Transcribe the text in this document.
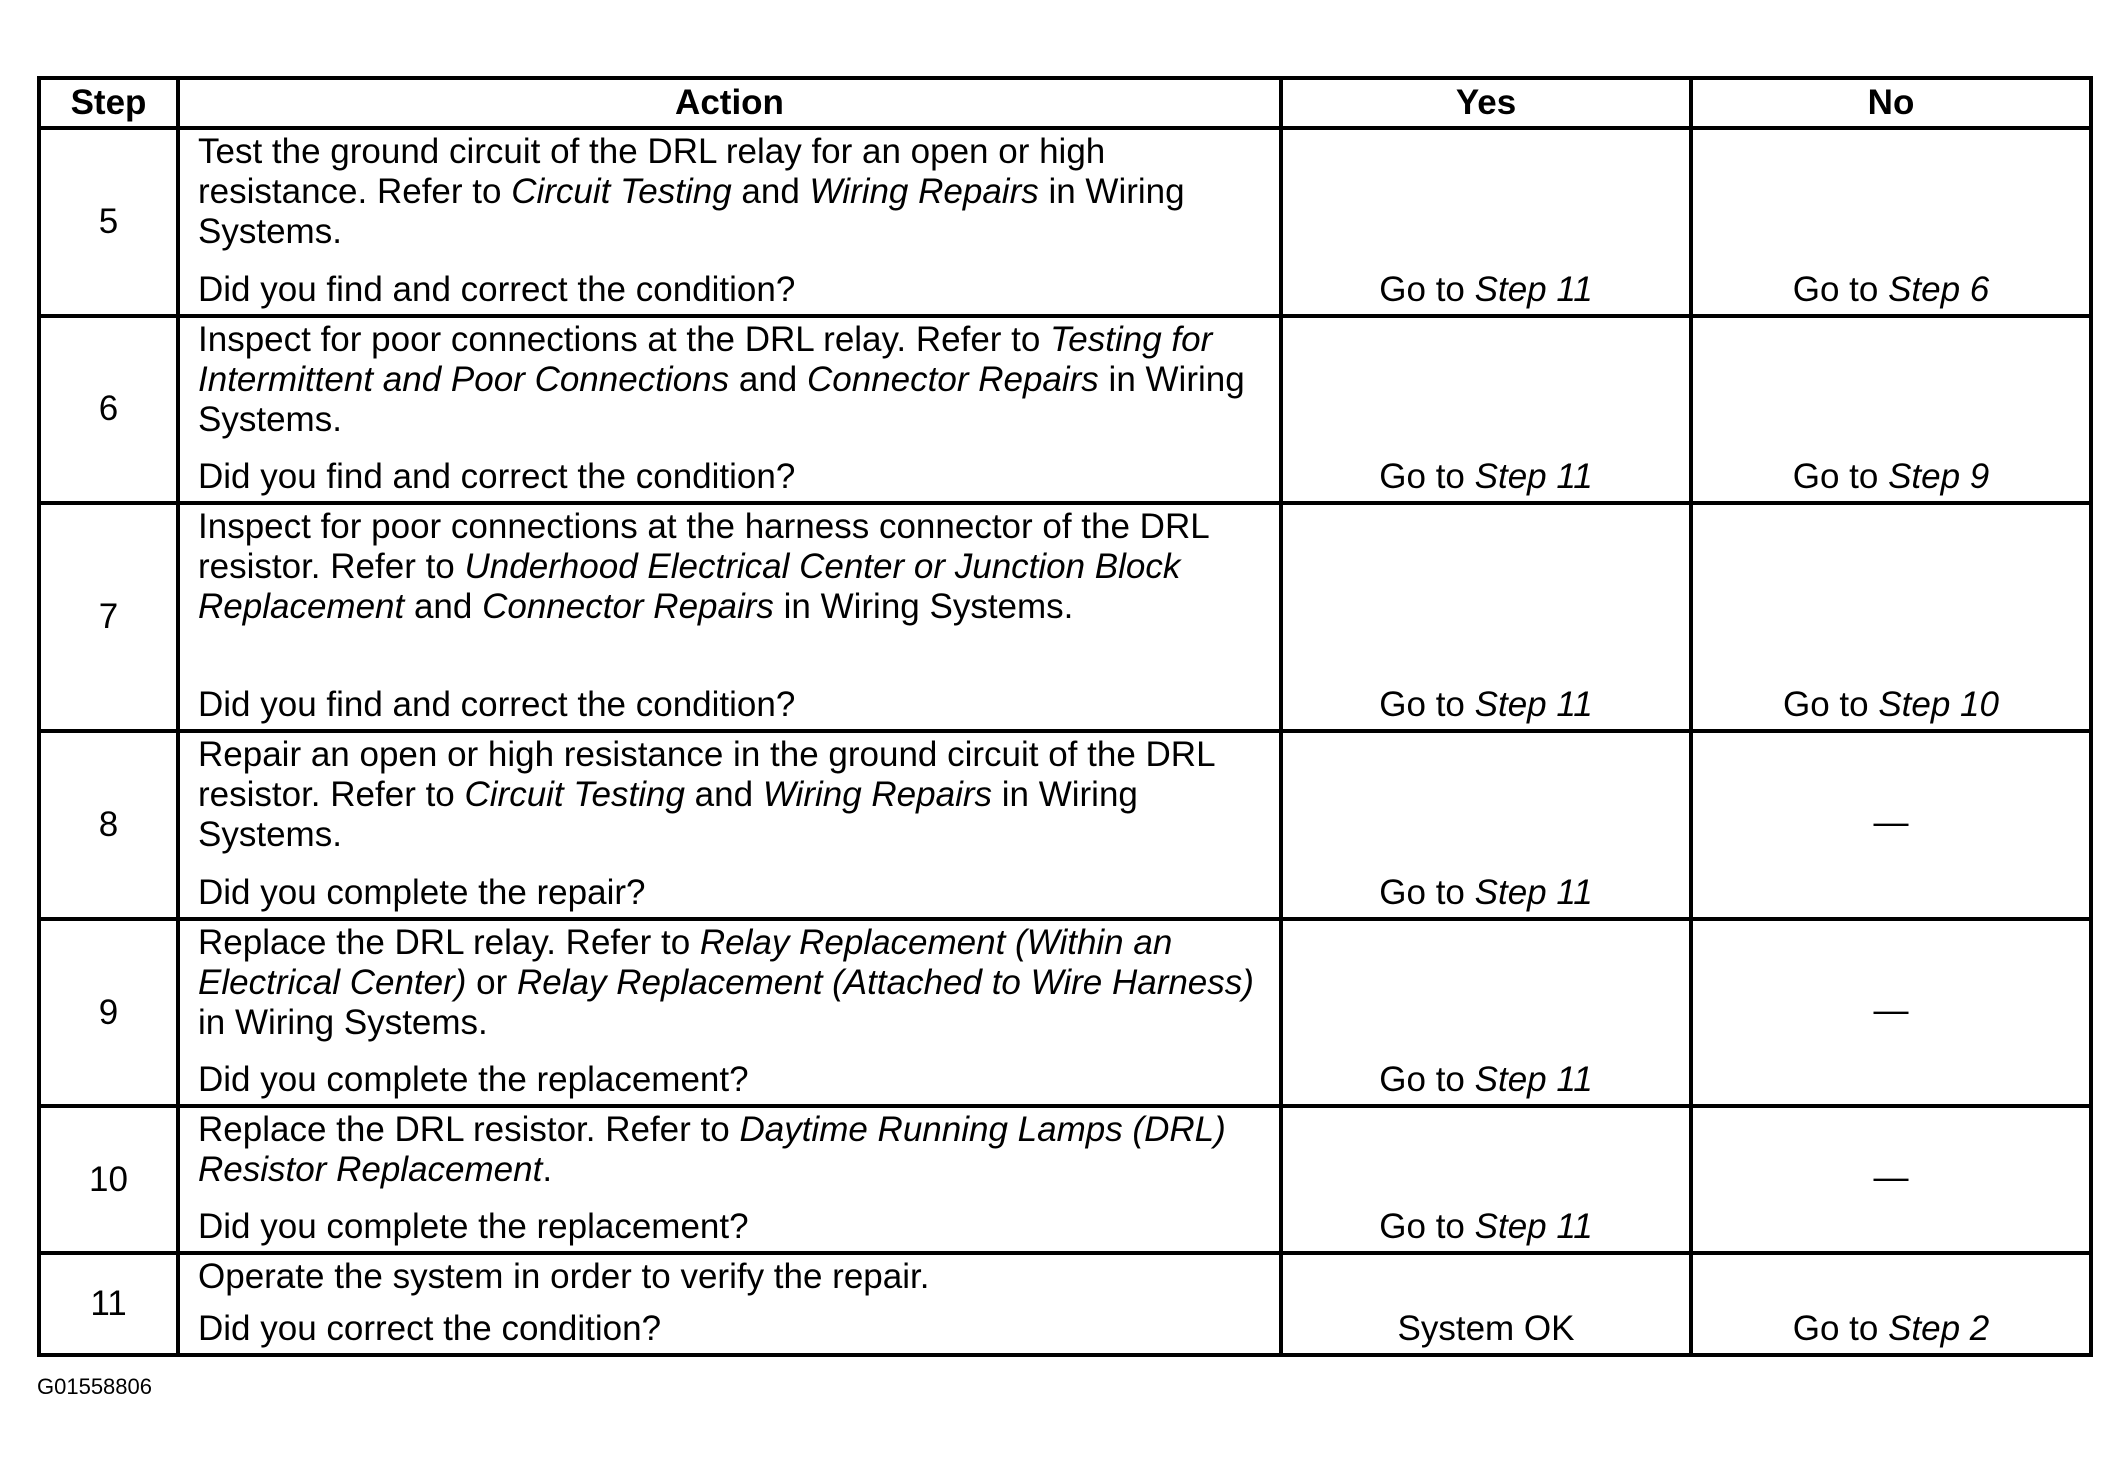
Step	Action	Yes	No
5	Test the ground circuit of the DRL relay for an open or high resistance. Refer to Circuit Testing and Wiring Repairs in Wiring Systems.

Did you find and correct the condition?	Go to Step 11	Go to Step 6
6	Inspect for poor connections at the DRL relay. Refer to Testing for Intermittent and Poor Connections and Connector Repairs in Wiring Systems.

Did you find and correct the condition?	Go to Step 11	Go to Step 9
7	Inspect for poor connections at the harness connector of the DRL resistor. Refer to Underhood Electrical Center or Junction Block Replacement and Connector Repairs in Wiring Systems.

Did you find and correct the condition?	Go to Step 11	Go to Step 10
8	Repair an open or high resistance in the ground circuit of the DRL resistor. Refer to Circuit Testing and Wiring Repairs in Wiring Systems.

Did you complete the repair?	Go to Step 11	—
9	Replace the DRL relay. Refer to Relay Replacement (Within an Electrical Center) or Relay Replacement (Attached to Wire Harness) in Wiring Systems.

Did you complete the replacement?	Go to Step 11	—
10	Replace the DRL resistor. Refer to Daytime Running Lamps (DRL) Resistor Replacement.

Did you complete the replacement?	Go to Step 11	—
11	Operate the system in order to verify the repair.

Did you correct the condition?	System OK	Go to Step 2
G01558806
